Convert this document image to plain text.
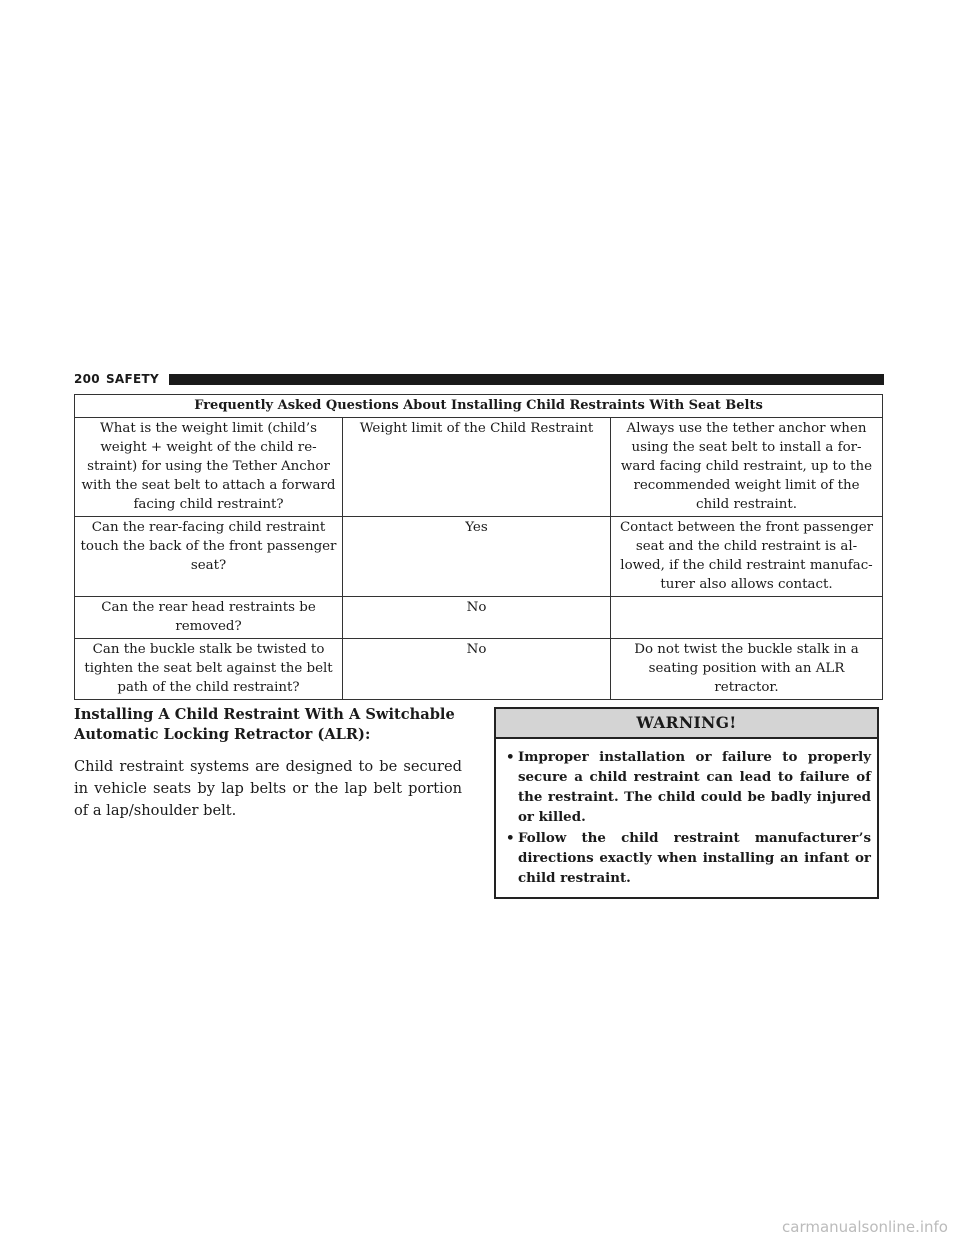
200 SAFETY
Frequently Asked Questions About Installing Child Restraints With Seat Belts		
What is the weight limit (child’s weight + weight of the child re-straint) for using the Tether Anchor with the seat belt to attach a forward facing child restraint?	Weight limit of the Child Restraint	Always use the tether anchor when using the seat belt to install a for-ward facing child restraint, up to the recommended weight limit of the child restraint.
Can the rear-facing child restraint touch the back of the front passenger seat?	Yes	Contact between the front passenger seat and the child restraint is al-lowed, if the child restraint manufac-turer also allows contact.
Can the rear head restraints be removed?	No	
Can the buckle stalk be twisted to tighten the seat belt against the belt path of the child restraint?	No	Do not twist the buckle stalk in a seating position with an ALR retractor.
Installing A Child Restraint With A Switchable Automatic Locking Retractor (ALR):

Child restraint systems are designed to be secured in vehicle seats by lap belts or the lap belt portion of a lap/shoulder belt.

WARNING!
• Improper installation or failure to properly secure a child restraint can lead to failure of the restraint. The child could be badly injured or killed.
• Follow the child restraint manufacturer’s directions exactly when installing an infant or child restraint.
carmanualsonline.info
